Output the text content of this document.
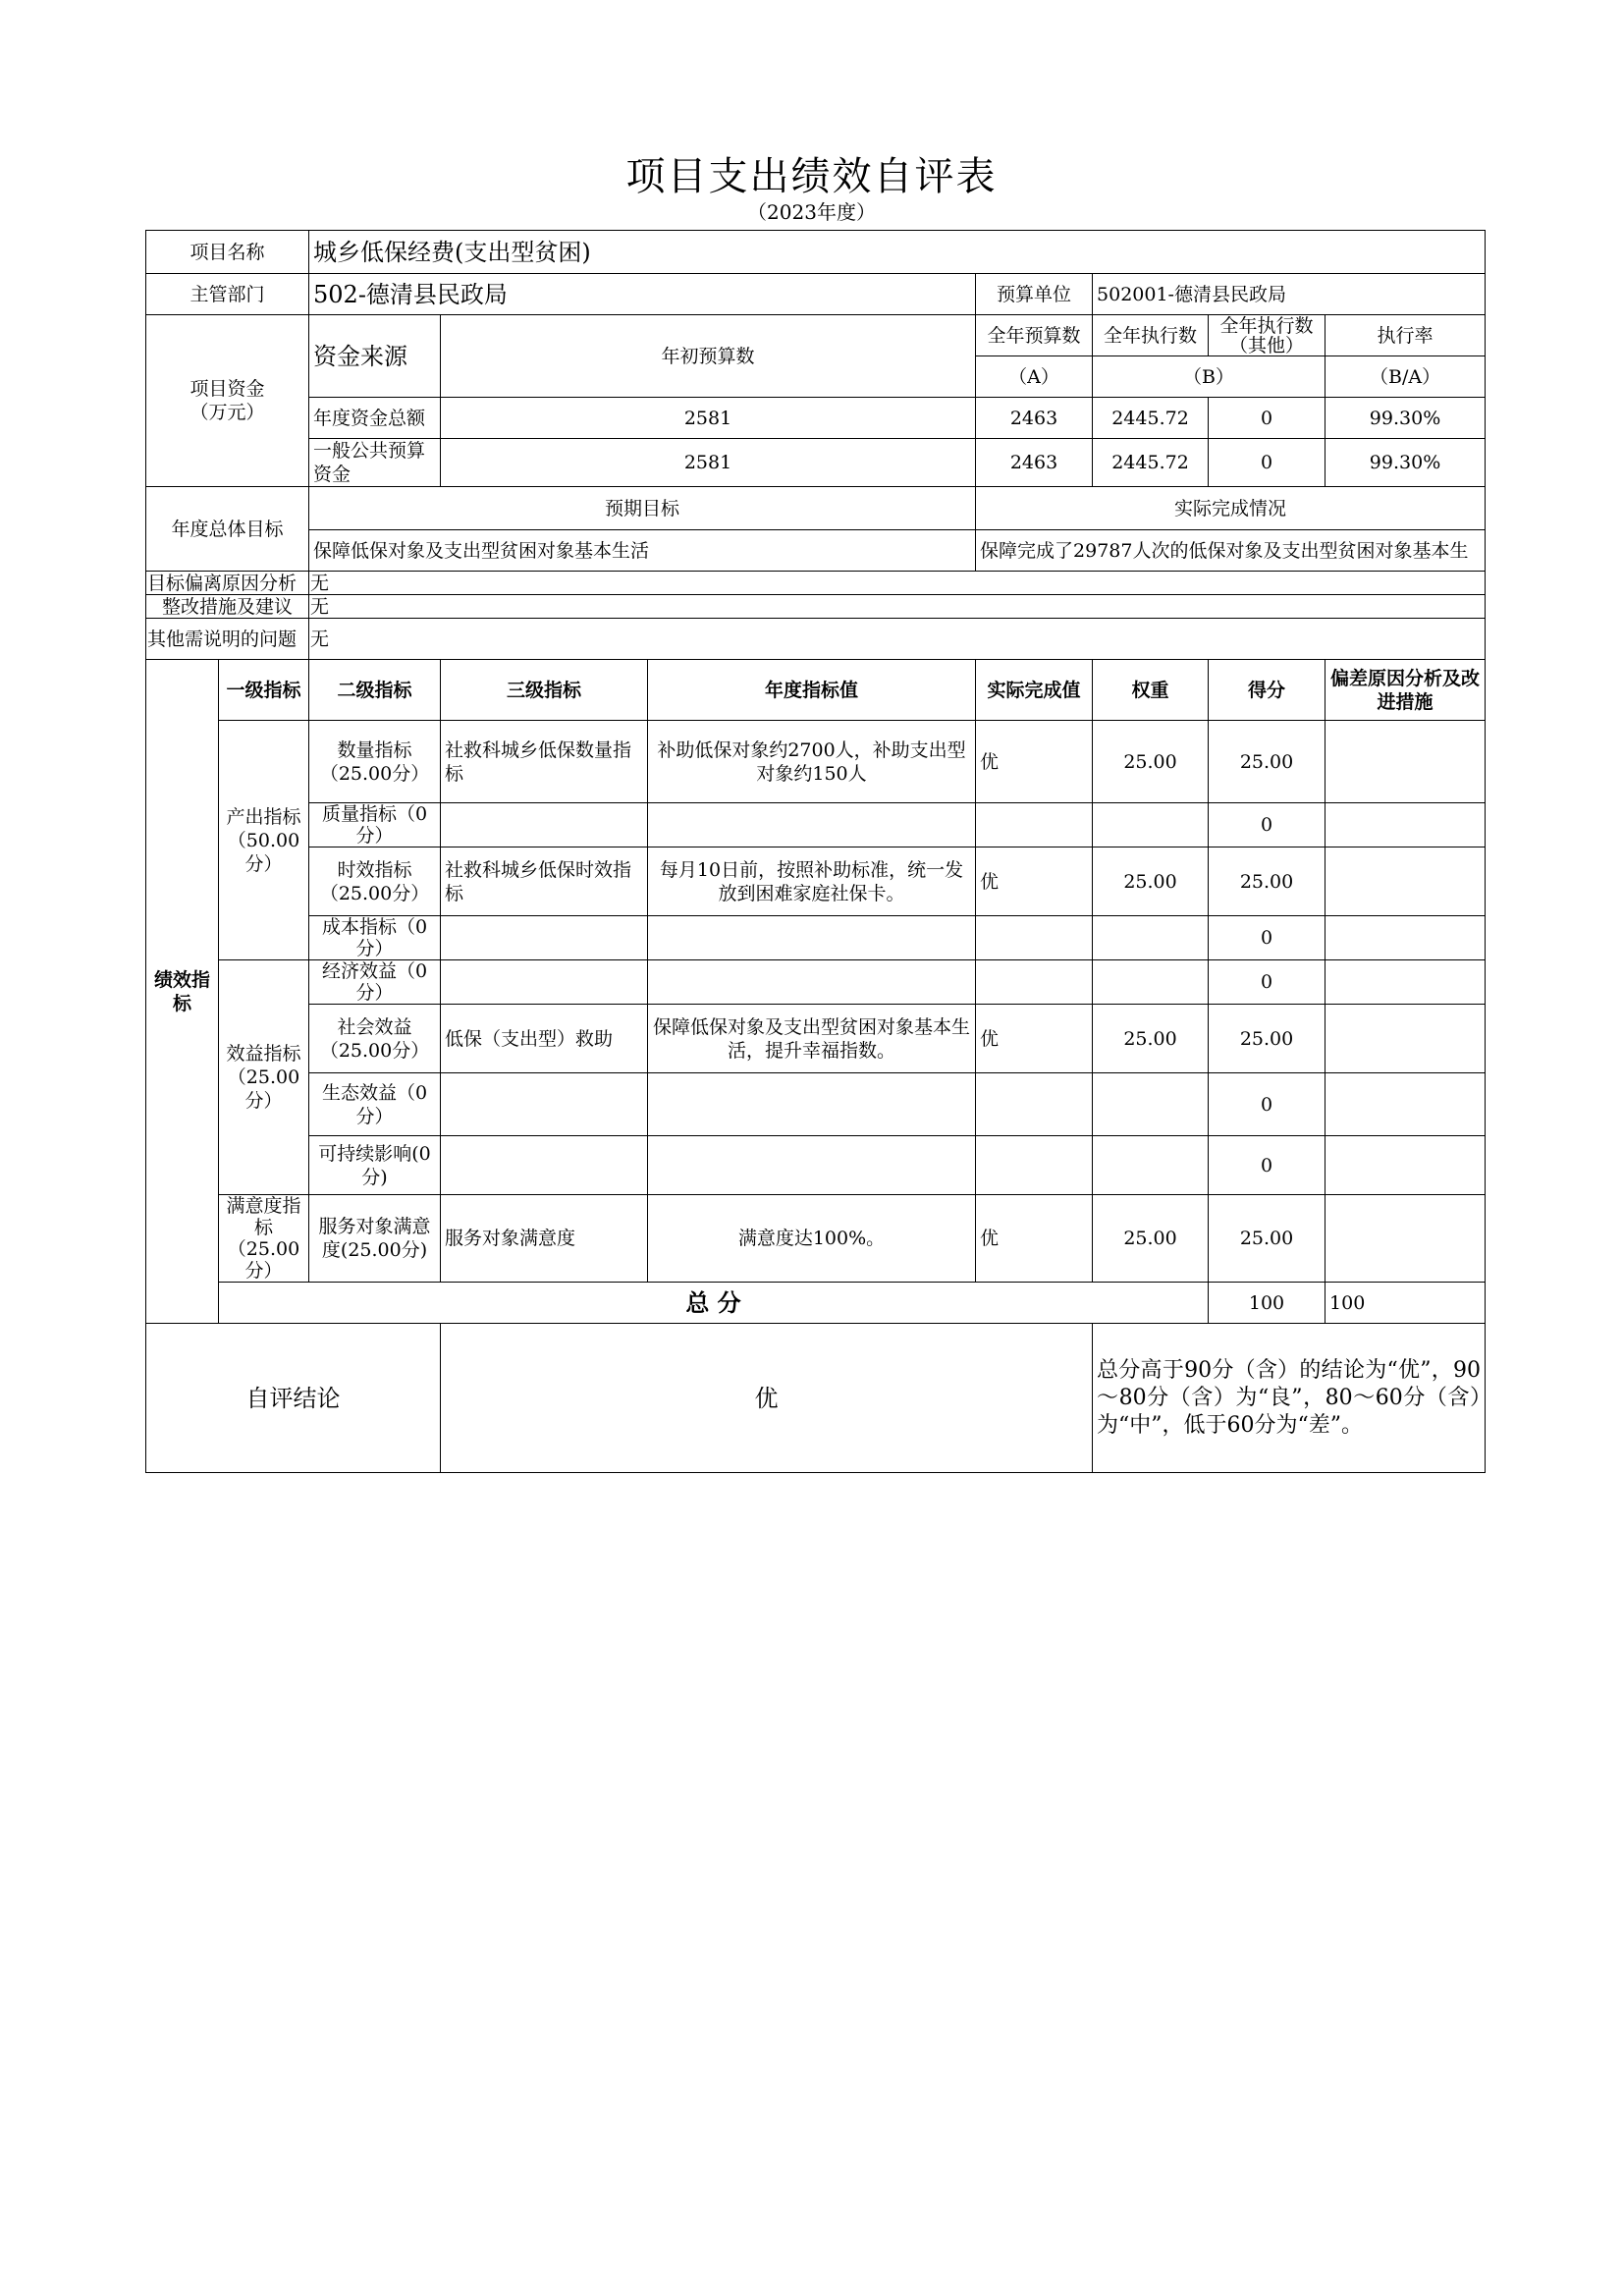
项目支出绩效自评表
（2023年度）
项目名称		城乡低保经费(支出型贫困)							
主管部门		502-德清县民政局			预算单位	502001-德清县民政局			
项目资金
（万元）		资金来源	年初预算数		全年预算数	全年执行数	全年执行数（其他）	执行率	
					（A）	（B）		（B/A）	
		年度资金总额	2581		2463	2445.72	0	99.30%	
		一般公共预算资金	2581		2463	2445.72	0	99.30%	
年度总体目标		预期目标			实际完成情况				
		保障低保对象及支出型贫困对象基本生活			保障完成了29787人次的低保对象及支出型贫困对象基本生				
目标偏离原因分析		无							
整改措施及建议		无							
其他需说明的问题		无							
绩效指标	一级指标	二级指标	三级指标	年度指标值	实际完成值	权重	得分	偏差原因分析及改进措施	
	产出指标（50.00分）	数量指标（25.00分）	社救科城乡低保数量指标	补助低保对象约2700人，补助支出型对象约150人	优	25.00	25.00		
		质量指标（0分）					0		
		时效指标（25.00分）	社救科城乡低保时效指标	每月10日前，按照补助标准，统一发放到困难家庭社保卡。	优	25.00	25.00		
		成本指标（0分）					0		
	效益指标（25.00分）	经济效益（0分）					0		
		社会效益（25.00分）	低保（支出型）救助	保障低保对象及支出型贫困对象基本生活，提升幸福指数。	优	25.00	25.00		
		生态效益（0分）					0		
		可持续影响(0分)					0		
	满意度指标（25.00分）	服务对象满意度(25.00分)	服务对象满意度	满意度达100%。	优	25.00	25.00		
	总 分						100	100	
自评结论			优			总分高于90分（含）的结论为“优”，90～80分（含）为“良”，80～60分（含）为“中”，低于60分为“差”。			
